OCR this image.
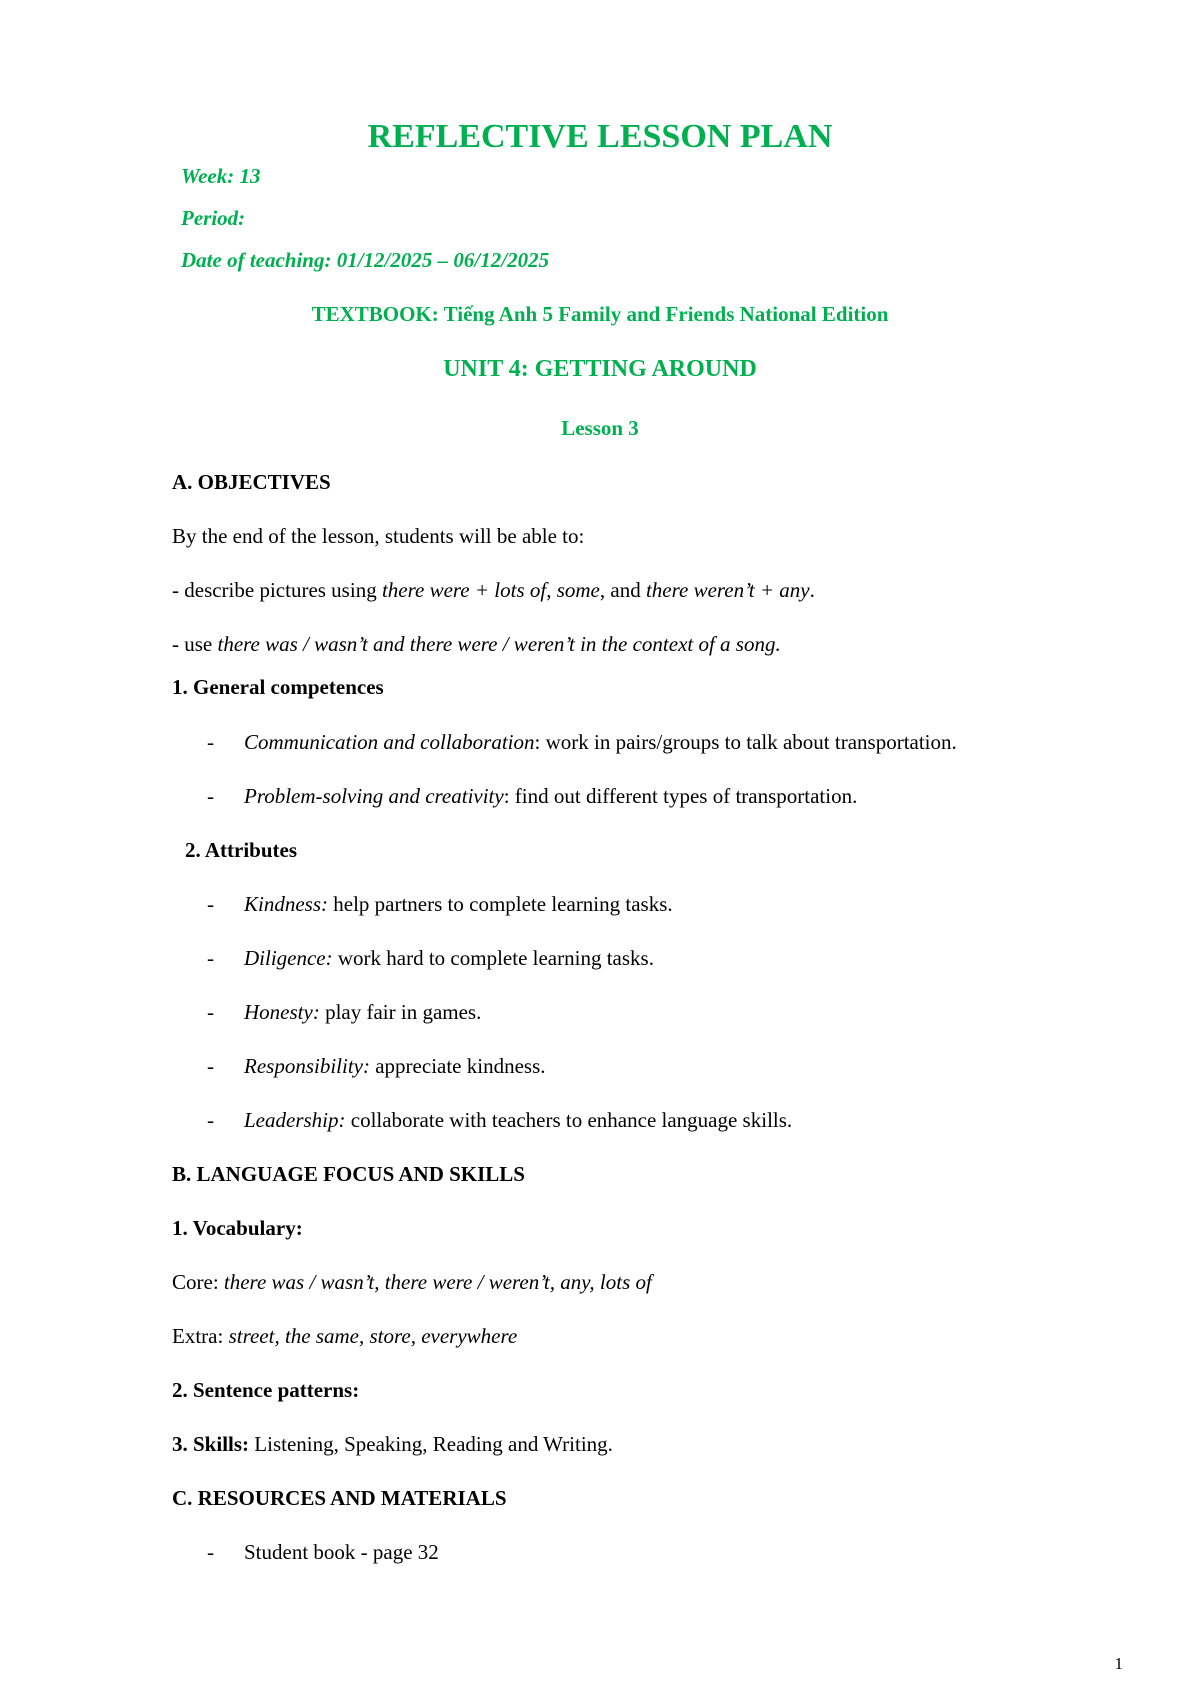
REFLECTIVE LESSON PLAN
Week: 13
Period:
Date of teaching: 01/12/2025 – 06/12/2025
TEXTBOOK: Tiếng Anh 5 Family and Friends National Edition
UNIT 4: GETTING AROUND
Lesson 3
A. OBJECTIVES
By the end of the lesson, students will be able to:
- describe pictures using there were + lots of, some, and there weren’t + any.
- use there was / wasn’t and there were / weren’t in the context of a song.
1. General competences
- Communication and collaboration: work in pairs/groups to talk about transportation.
- Problem-solving and creativity: find out different types of transportation.
2. Attributes
- Kindness: help partners to complete learning tasks.
- Diligence: work hard to complete learning tasks.
- Honesty: play fair in games.
- Responsibility: appreciate kindness.
- Leadership: collaborate with teachers to enhance language skills.
B. LANGUAGE FOCUS AND SKILLS
1. Vocabulary:
Core: there was / wasn’t, there were / weren’t, any, lots of
Extra: street, the same, store, everywhere
2. Sentence patterns:
3. Skills: Listening, Speaking, Reading and Writing.
C. RESOURCES AND MATERIALS
- Student book - page 32
1
